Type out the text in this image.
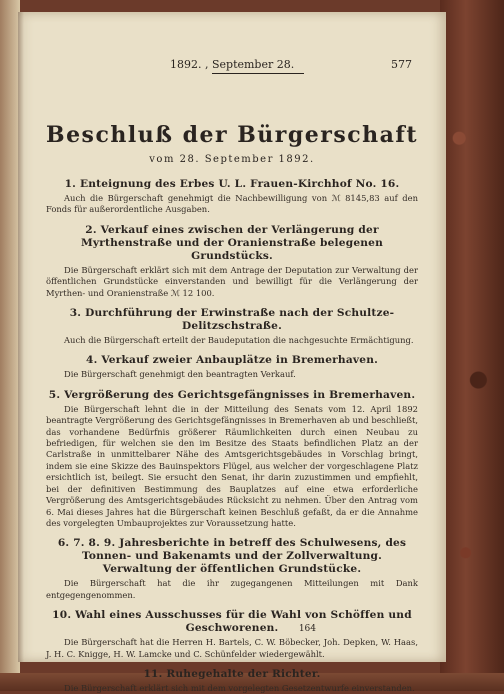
1892. , September 28.	577
Beschluß der Bürgerschaft
vom 28. September 1892.
1. Enteignung des Erbes U. L. Frauen-Kirchhof No. 16.

Auch die Bürgerschaft genehmigt die Nachbewilligung von ℳ 8145,83 auf den Fonds für außerordentliche Ausgaben.

2. Verkauf eines zwischen der Verlängerung der Myrthenstraße und der Oranienstraße belegenen Grundstücks.

Die Bürgerschaft erklärt sich mit dem Antrage der Deputation zur Verwaltung der öffentlichen Grundstücke einverstanden und bewilligt für die Verlängerung der Myrthen- und Oranienstraße ℳ 12 100.

3. Durchführung der Erwinstraße nach der Schultze-Delitzschstraße.

Auch die Bürgerschaft erteilt der Baudeputation die nachgesuchte Ermächtigung.

4. Verkauf zweier Anbauplätze in Bremerhaven.

Die Bürgerschaft genehmigt den beantragten Verkauf.

5. Vergrößerung des Gerichtsgefängnisses in Bremerhaven.

Die Bürgerschaft lehnt die in der Mitteilung des Senats vom 12. April 1892 beantragte Vergrößerung des Gerichtsgefängnisses in Bremerhaven ab und beschließt, das vorhandene Bedürfnis größerer Räumlichkeiten durch einen Neubau zu befriedigen, für welchen sie den im Besitze des Staats befindlichen Platz an der Carlstraße in unmittelbarer Nähe des Amtsgerichtsgebäudes in Vorschlag bringt, indem sie eine Skizze des Bauinspektors Flügel, aus welcher der vorgeschlagene Platz ersichtlich ist, beilegt. Sie ersucht den Senat, ihr darin zuzustimmen und empfiehlt, bei der definitiven Bestimmung des Bauplatzes auf eine etwa erforderliche Vergrößerung des Amtsgerichtsgebäudes Rücksicht zu nehmen. Über den Antrag vom 6. Mai dieses Jahres hat die Bürgerschaft keinen Beschluß gefaßt, da er die Annahme des vorgelegten Umbauprojektes zur Voraussetzung hatte.

6. 7. 8. 9. Jahresberichte in betreff des Schulwesens, des Tonnen- und Bakenamts und der Zollverwaltung. Verwaltung der öffentlichen Grundstücke.

Die Bürgerschaft hat die ihr zugegangenen Mitteilungen mit Dank entgegengenommen.

10. Wahl eines Ausschusses für die Wahl von Schöffen und Geschworenen.

Die Bürgerschaft hat die Herren H. Bartels, C. W. Böbecker, Joh. Depken, W. Haas, J. H. C. Knigge, H. W. Lamcke und C. Schünfelder wiedergewählt.

11. Ruhegehalte der Richter.

Die Bürgerschaft erklärt sich mit dem vorgelegten Gesetzentwurfe einverstanden.

164
